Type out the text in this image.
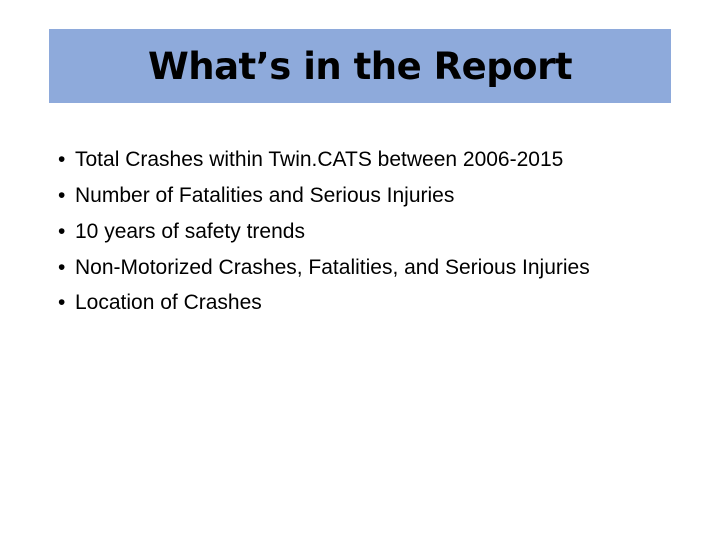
What’s in the Report
• Total Crashes within Twin.CATS between 2006-2015
• Number of Fatalities and Serious Injuries
• 10 years of safety trends
• Non-Motorized Crashes, Fatalities, and Serious Injuries
• Location of Crashes
